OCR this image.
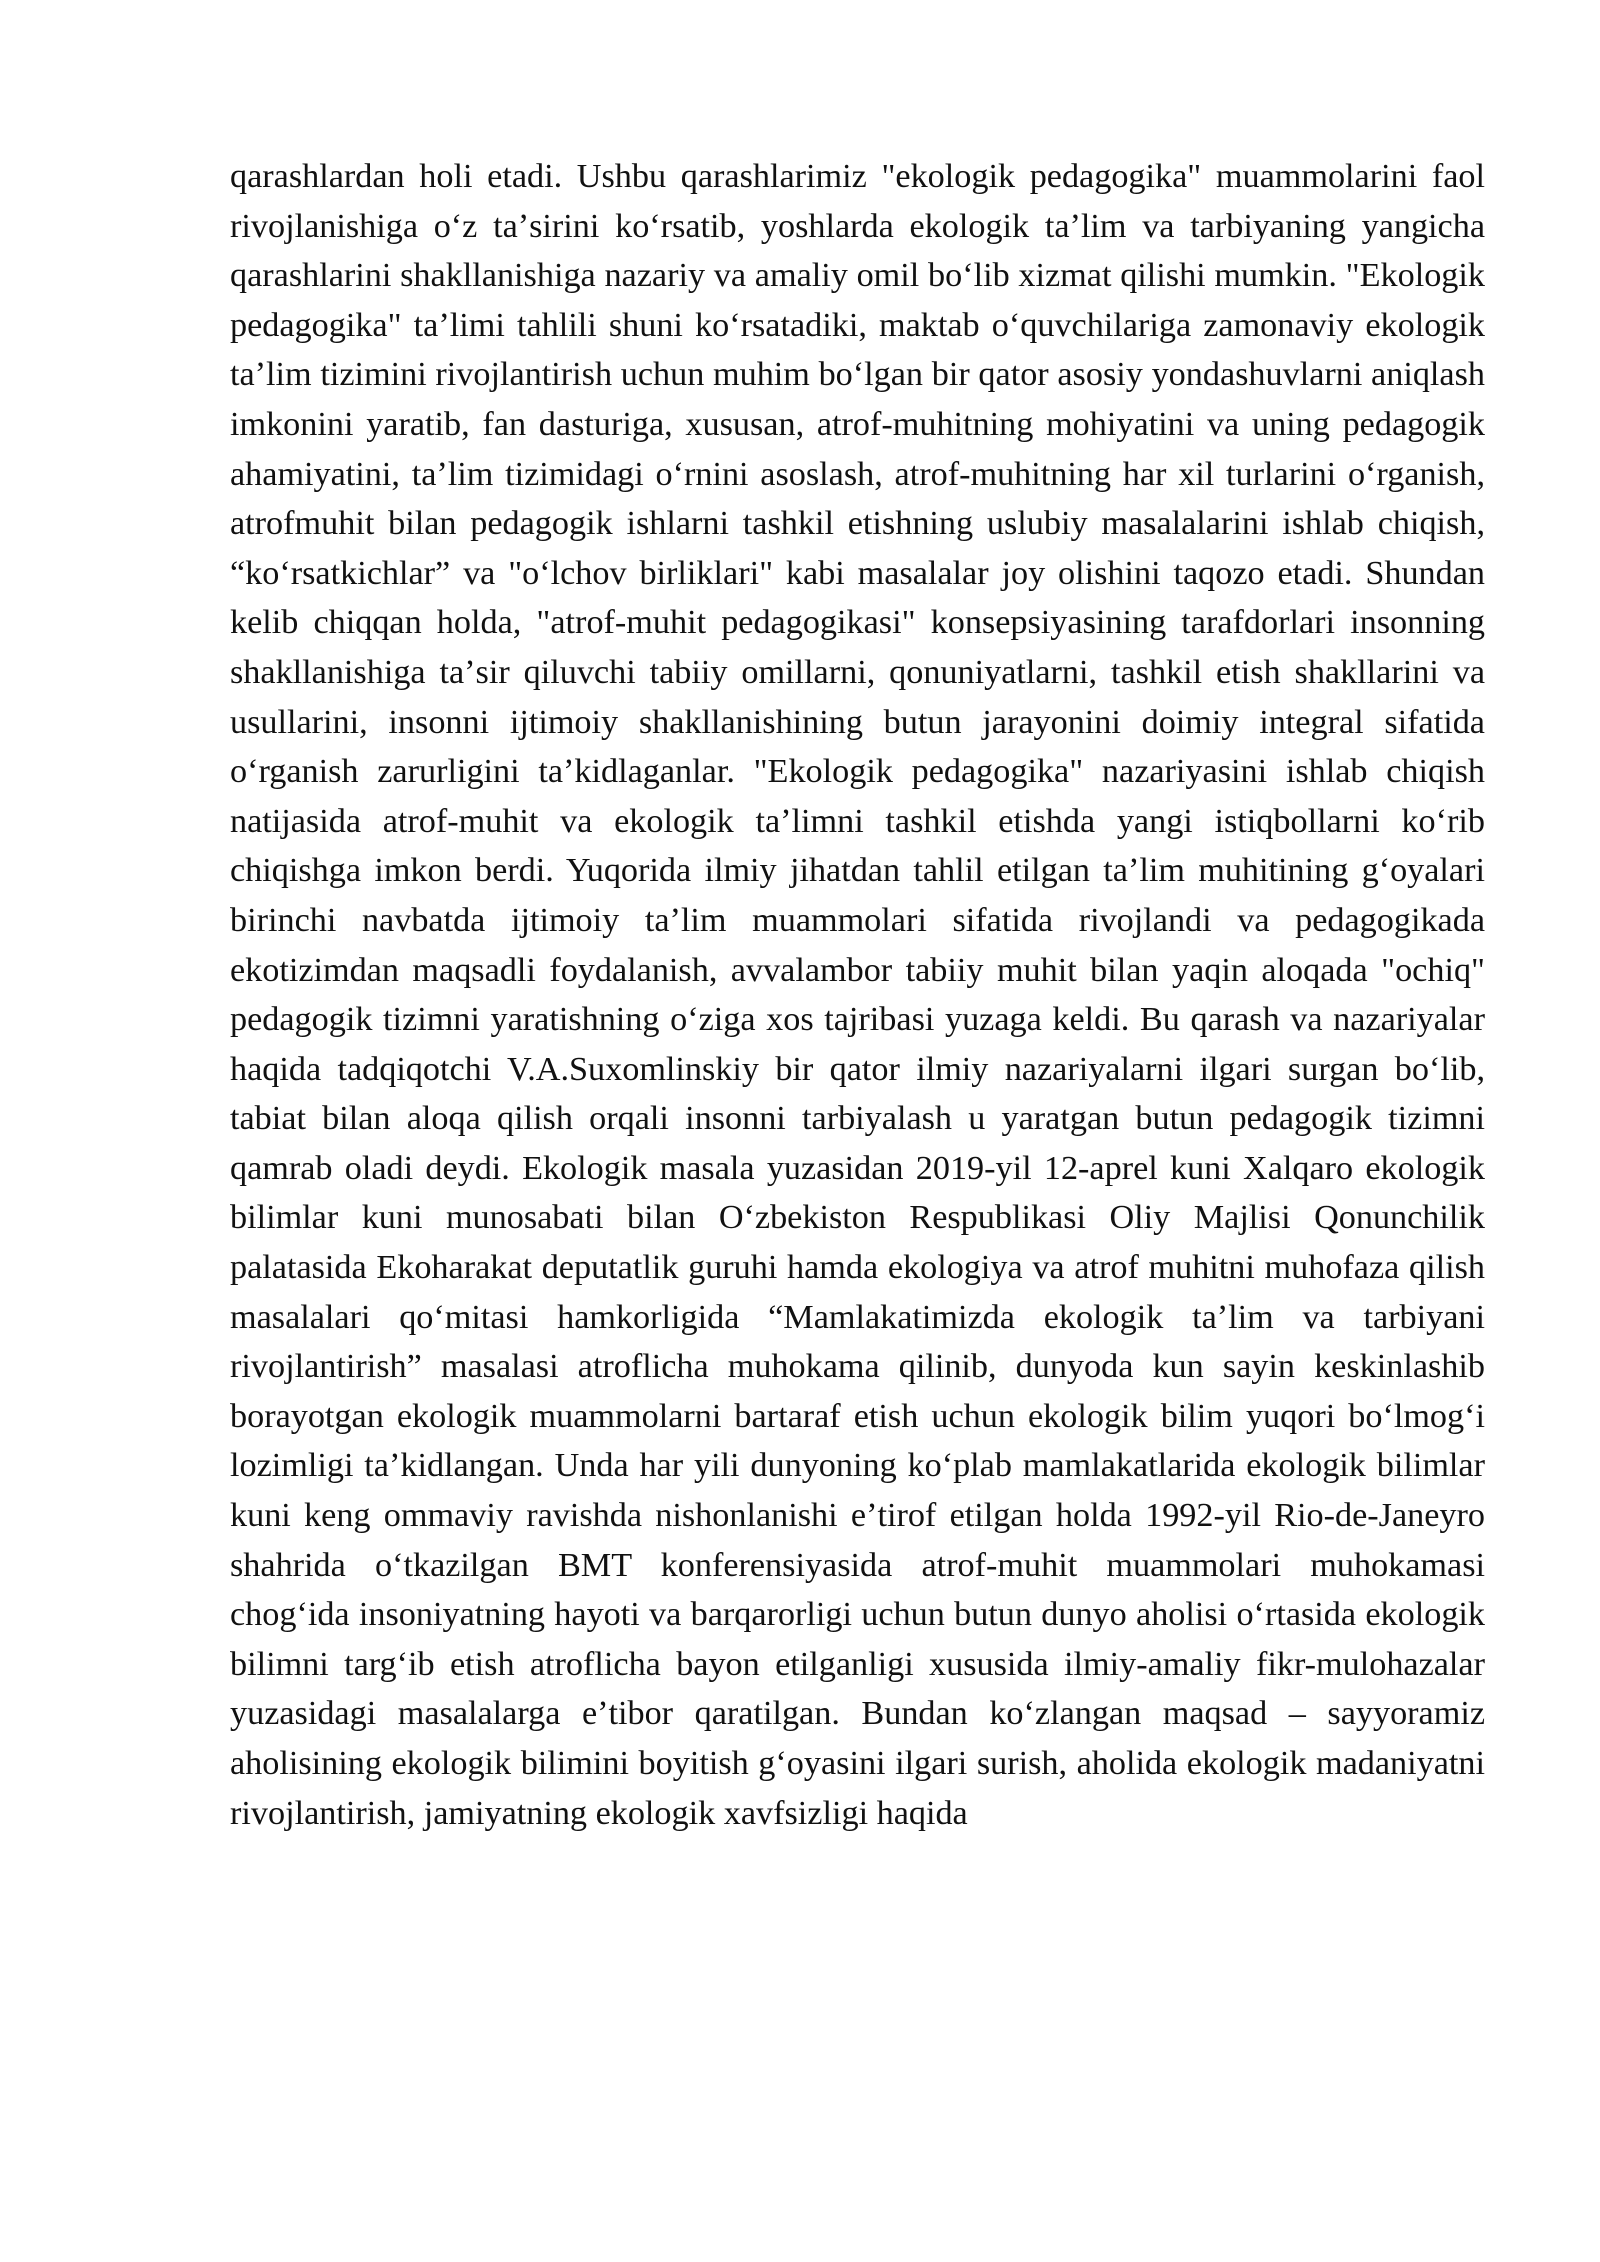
qarashlardan holi etadi. Ushbu qarashlarimiz "ekologik pedagogika" muammolarini faol rivojlanishiga oʻz taʼsirini koʻrsatib, yoshlarda ekologik taʼlim va tarbiyaning yangicha qarashlarini shakllanishiga nazariy va amaliy omil boʻlib xizmat qilishi mumkin. "Ekologik pedagogika" taʼlimi tahlili shuni koʻrsatadiki, maktab oʻquvchilariga zamonaviy ekologik taʼlim tizimini rivojlantirish uchun muhim boʻlgan bir qator asosiy yondashuvlarni aniqlash imkonini yaratib, fan dasturiga, xususan, atrof-muhitning mohiyatini va uning pedagogik ahamiyatini, taʼlim tizimidagi oʻrnini asoslash, atrof-muhitning har xil turlarini oʻrganish, atrofmuhit bilan pedagogik ishlarni tashkil etishning uslubiy masalalarini ishlab chiqish, “koʻrsatkichlar” va "oʻlchov birliklari" kabi masalalar joy olishini taqozo etadi. Shundan kelib chiqqan holda, "atrof-muhit pedagogikasi" konsepsiyasining tarafdorlari insonning shakllanishiga taʼsir qiluvchi tabiiy omillarni, qonuniyatlarni, tashkil etish shakllarini va usullarini, insonni ijtimoiy shakllanishining butun jarayonini doimiy integral sifatida oʻrganish zarurligini taʼkidlaganlar. "Ekologik pedagogika" nazariyasini ishlab chiqish natijasida atrof-muhit va ekologik taʼlimni tashkil etishda yangi istiqbollarni koʻrib chiqishga imkon berdi. Yuqorida ilmiy jihatdan tahlil etilgan taʼlim muhitining gʻoyalari birinchi navbatda ijtimoiy taʼlim muammolari sifatida rivojlandi va pedagogikada ekotizimdan maqsadli foydalanish, avvalambor tabiiy muhit bilan yaqin aloqada "ochiq" pedagogik tizimni yaratishning oʻziga xos tajribasi yuzaga keldi. Bu qarash va nazariyalar haqida tadqiqotchi V.A.Suxomlinskiy bir qator ilmiy nazariyalarni ilgari surgan boʻlib, tabiat bilan aloqa qilish orqali insonni tarbiyalash u yaratgan butun pedagogik tizimni qamrab oladi deydi. Ekologik masala yuzasidan 2019-yil 12-aprel kuni Xalqaro ekologik bilimlar kuni munosabati bilan Oʻzbekiston Respublikasi Oliy Majlisi Qonunchilik palatasida Ekoharakat deputatlik guruhi hamda ekologiya va atrof muhitni muhofaza qilish masalalari qoʻmitasi hamkorligida “Mamlakatimizda ekologik taʼlim va tarbiyani rivojlantirish” masalasi atroflicha muhokama qilinib, dunyoda kun sayin keskinlashib borayotgan ekologik muammolarni bartaraf etish uchun ekologik bilim yuqori boʻlmogʻi lozimligi taʼkidlangan. Unda har yili dunyoning koʻplab mamlakatlarida ekologik bilimlar kuni keng ommaviy ravishda nishonlanishi eʼtirof etilgan holda 1992-yil Rio-de-Janeyro shahrida oʻtkazilgan BMT konferensiyasida atrof-muhit muammolari muhokamasi chogʻida insoniyatning hayoti va barqarorligi uchun butun dunyo aholisi oʻrtasida ekologik bilimni targʻib etish atroflicha bayon etilganligi xususida ilmiy-amaliy fikr-mulohazalar yuzasidagi masalalarga eʼtibor qaratilgan. Bundan koʻzlangan maqsad – sayyoramiz aholisining ekologik bilimini boyitish gʻoyasini ilgari surish, aholida ekologik madaniyatni rivojlantirish, jamiyatning ekologik xavfsizligi haqida
